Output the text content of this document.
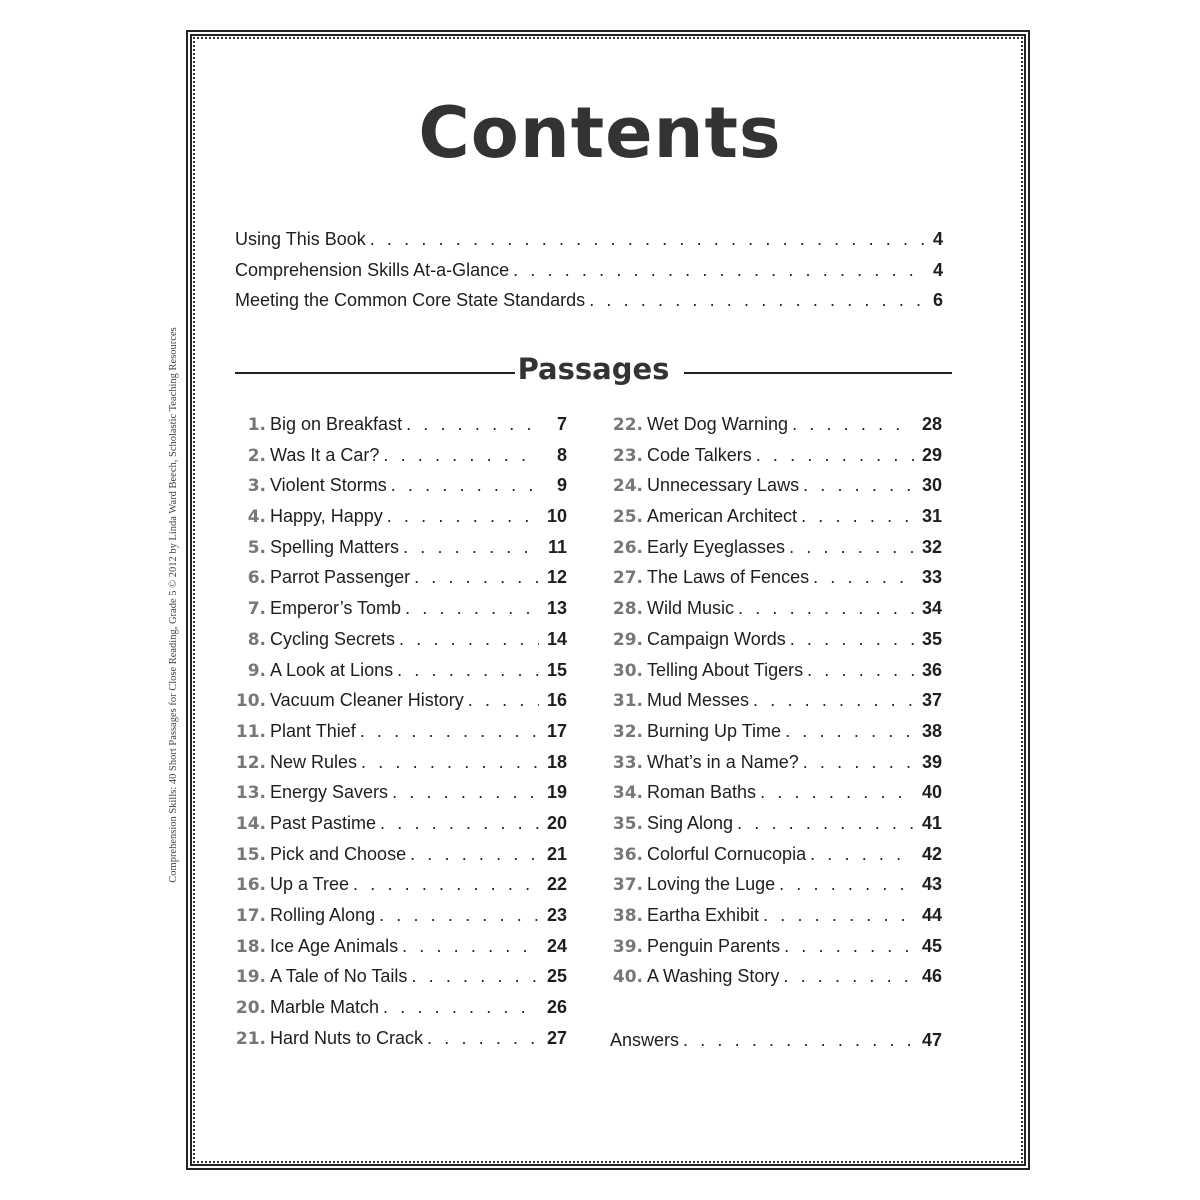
Comprehension Skills: 40 Short Passages for Close Reading, Grade 5 © 2012 by Linda Ward Beech, Scholastic Teaching Resources
Contents
Using This Book . . .	4
Comprehension Skills At-a-Glance . . .	4
Meeting the Common Core State Standards . . .	6
Passages
1. Big on Breakfast . . .	7
2. Was It a Car? . . .	8
3. Violent Storms . . .	9
4. Happy, Happy . . .	10
5. Spelling Matters . . .	11
6. Parrot Passenger . . .	12
7. Emperor’s Tomb . . .	13
8. Cycling Secrets . . .	14
9. A Look at Lions . . .	15
10. Vacuum Cleaner History . . .	16
11. Plant Thief . . .	17
12. New Rules . . .	18
13. Energy Savers . . .	19
14. Past Pastime . . .	20
15. Pick and Choose . . .	21
16. Up a Tree . . .	22
17. Rolling Along . . .	23
18. Ice Age Animals . . .	24
19. A Tale of No Tails . . .	25
20. Marble Match . . .	26
21. Hard Nuts to Crack . . .	27
22. Wet Dog Warning . . .	28
23. Code Talkers . . .	29
24. Unnecessary Laws . . .	30
25. American Architect . . .	31
26. Early Eyeglasses . . .	32
27. The Laws of Fences . . .	33
28. Wild Music . . .	34
29. Campaign Words . . .	35
30. Telling About Tigers . . .	36
31. Mud Messes . . .	37
32. Burning Up Time . . .	38
33. What’s in a Name? . . .	39
34. Roman Baths . . .	40
35. Sing Along . . .	41
36. Colorful Cornucopia . . .	42
37. Loving the Luge . . .	43
38. Eartha Exhibit . . .	44
39. Penguin Parents . . .	45
40. A Washing Story . . .	46
Answers . . .	47
